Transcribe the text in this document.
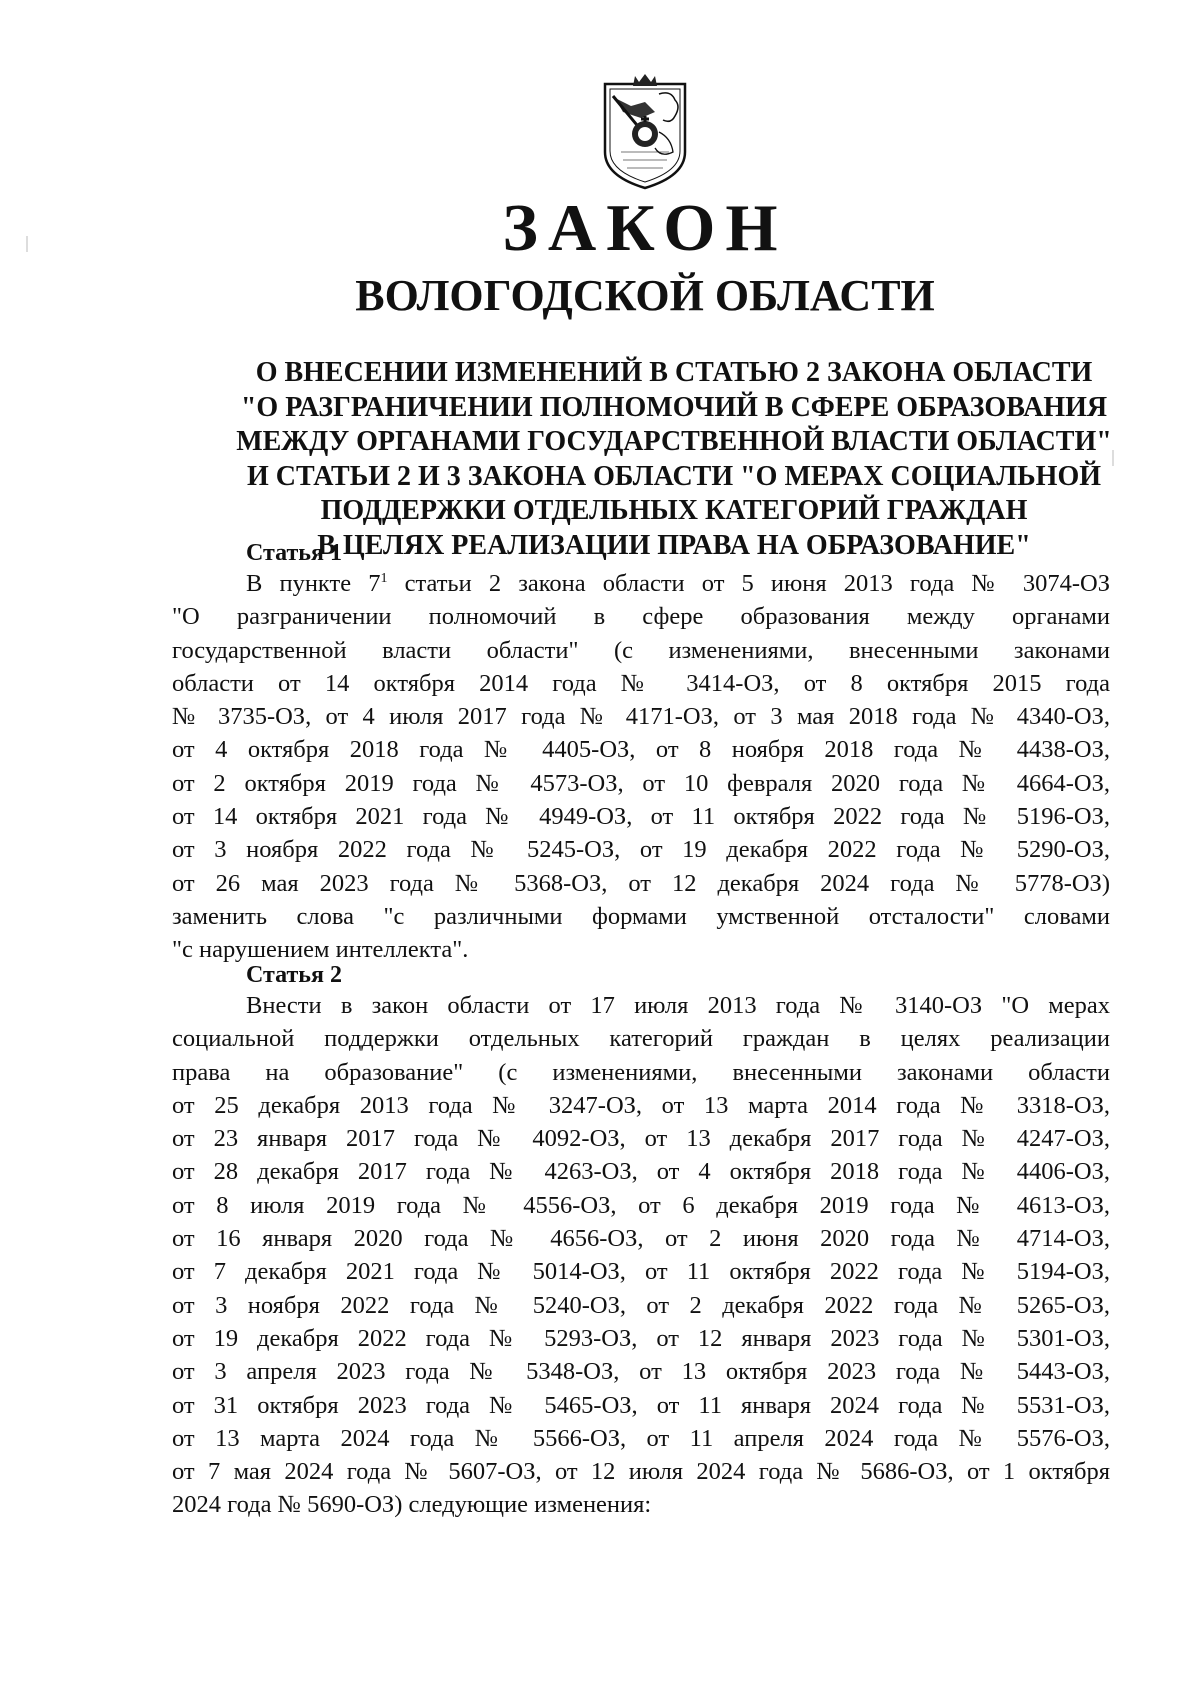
ЗАКОН
ВОЛОГОДСКОЙ ОБЛАСТИ
О ВНЕСЕНИИ ИЗМЕНЕНИЙ В СТАТЬЮ 2 ЗАКОНА ОБЛАСТИ
"О РАЗГРАНИЧЕНИИ ПОЛНОМОЧИЙ В СФЕРЕ ОБРАЗОВАНИЯ
МЕЖДУ ОРГАНАМИ ГОСУДАРСТВЕННОЙ ВЛАСТИ ОБЛАСТИ"
И СТАТЬИ 2 И 3 ЗАКОНА ОБЛАСТИ "О МЕРАХ СОЦИАЛЬНОЙ
ПОДДЕРЖКИ ОТДЕЛЬНЫХ КАТЕГОРИЙ ГРАЖДАН
В ЦЕЛЯХ РЕАЛИЗАЦИИ ПРАВА НА ОБРАЗОВАНИЕ"
Статья 1
В пункте $7^1$ статьи 2 закона области от 5 июня 2013 года № 3074-ОЗ
"О разграничении полномочий в сфере образования между органами
государственной власти области" (с изменениями, внесенными законами
области от 14 октября 2014 года № 3414-ОЗ, от 8 октября 2015 года
№ 3735-ОЗ, от 4 июля 2017 года № 4171-ОЗ, от 3 мая 2018 года № 4340-ОЗ,
от 4 октября 2018 года № 4405-ОЗ, от 8 ноября 2018 года № 4438-ОЗ,
от 2 октября 2019 года № 4573-ОЗ, от 10 февраля 2020 года № 4664-ОЗ,
от 14 октября 2021 года № 4949-ОЗ, от 11 октября 2022 года № 5196-ОЗ,
от 3 ноября 2022 года № 5245-ОЗ, от 19 декабря 2022 года № 5290-ОЗ,
от 26 мая 2023 года № 5368-ОЗ, от 12 декабря 2024 года № 5778-ОЗ)
заменить слова "с различными формами умственной отсталости" словами
"с нарушением интеллекта".
Статья 2
Внести в закон области от 17 июля 2013 года № 3140-ОЗ "О мерах
социальной поддержки отдельных категорий граждан в целях реализации
права на образование" (с изменениями, внесенными законами области
от 25 декабря 2013 года № 3247-ОЗ, от 13 марта 2014 года № 3318-ОЗ,
от 23 января 2017 года № 4092-ОЗ, от 13 декабря 2017 года № 4247-ОЗ,
от 28 декабря 2017 года № 4263-ОЗ, от 4 октября 2018 года № 4406-ОЗ,
от 8 июля 2019 года № 4556-ОЗ, от 6 декабря 2019 года № 4613-ОЗ,
от 16 января 2020 года № 4656-ОЗ, от 2 июня 2020 года № 4714-ОЗ,
от 7 декабря 2021 года № 5014-ОЗ, от 11 октября 2022 года № 5194-ОЗ,
от 3 ноября 2022 года № 5240-ОЗ, от 2 декабря 2022 года № 5265-ОЗ,
от 19 декабря 2022 года № 5293-ОЗ, от 12 января 2023 года № 5301-ОЗ,
от 3 апреля 2023 года № 5348-ОЗ, от 13 октября 2023 года № 5443-ОЗ,
от 31 октября 2023 года № 5465-ОЗ, от 11 января 2024 года № 5531-ОЗ,
от 13 марта 2024 года № 5566-ОЗ, от 11 апреля 2024 года № 5576-ОЗ,
от 7 мая 2024 года № 5607-ОЗ, от 12 июля 2024 года № 5686-ОЗ, от 1 октября
2024 года № 5690-ОЗ) следующие изменения:
